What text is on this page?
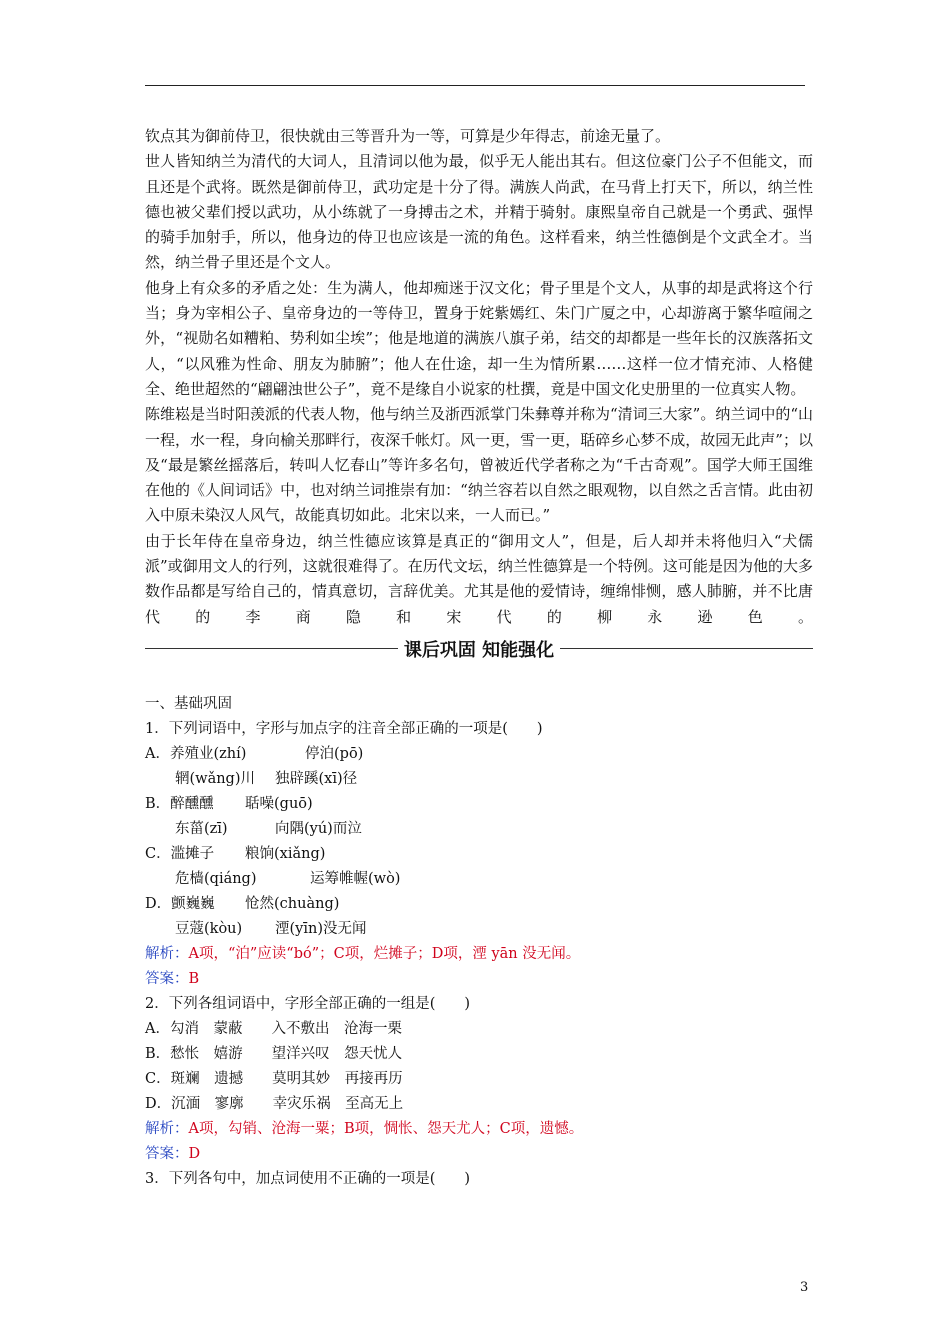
钦点其为御前侍卫，很快就由三等晋升为一等，可算是少年得志，前途无量了。

世人皆知纳兰为清代的大词人，且清词以他为最，似乎无人能出其右。但这位豪门公子不但能文，而且还是个武将。既然是御前侍卫，武功定是十分了得。满族人尚武，在马背上打天下，所以，纳兰性德也被父辈们授以武功，从小练就了一身搏击之术，并精于骑射。康熙皇帝自己就是一个勇武、强悍的骑手加射手，所以，他身边的侍卫也应该是一流的角色。这样看来，纳兰性德倒是个文武全才。当然，纳兰骨子里还是个文人。

他身上有众多的矛盾之处：生为满人，他却痴迷于汉文化；骨子里是个文人，从事的却是武将这个行当；身为宰相公子、皇帝身边的一等侍卫，置身于姹紫嫣红、朱门广厦之中，心却游离于繁华喧闹之外，“视勋名如糟粕、势利如尘埃”；他是地道的满族八旗子弟，结交的却都是一些年长的汉族落拓文人，“以风雅为性命、朋友为肺腑”；他人在仕途，却一生为情所累……这样一位才情充沛、人格健全、绝世超然的“翩翩浊世公子”，竟不是缘自小说家的杜撰，竟是中国文化史册里的一位真实人物。

陈维崧是当时阳羡派的代表人物，他与纳兰及浙西派掌门朱彝尊并称为“清词三大家”。纳兰词中的“山一程，水一程，身向榆关那畔行，夜深千帐灯。风一更，雪一更，聒碎乡心梦不成，故园无此声”；以及“最是繁丝摇落后，转叫人忆春山”等许多名句，曾被近代学者称之为“千古奇观”。国学大师王国维在他的《人间词话》中，也对纳兰词推崇有加：“纳兰容若以自然之眼观物，以自然之舌言情。此由初入中原未染汉人风气，故能真切如此。北宋以来，一人而已。”

由于长年侍在皇帝身边，纳兰性德应该算是真正的“御用文人”，但是，后人却并未将他归入“犬儒派”或御用文人的行列，这就很难得了。在历代文坛，纳兰性德算是一个特例。这可能是因为他的大多数作品都是写给自己的，情真意切，言辞优美。尤其是他的爱情诗，缠绵悱恻，感人肺腑，并不比唐代的李商隐和宋代的柳永逊色。

课后巩固 知能强化

一、基础巩固

1．下列词语中，字形与加点字的注音全部正确的一项是(　　)

A．养殖业(zhí)	停泊(pō)

辋(wǎng)川 独辟蹊(xī)径

B．醉醺醺 聒噪(guō)

东菑(zī)	向隅(yú)而泣

C．滥摊子 粮饷(xiǎng)

危樯(qiáng)	运筹帷幄(wò)

D．颤巍巍 怆然(chuàng)

豆蔻(kòu) 湮(yīn)没无闻

解析：A项，“泊”应读“bó”；C项，烂摊子；D项，湮 yān 没无闻。

答案：B

2．下列各组词语中，字形全部正确的一组是(　　)

A．勾消　蒙蔽　　入不敷出　沧海一栗

B．愁怅　嬉游　　望洋兴叹　怨天忧人

C．斑斓　遗撼　　莫明其妙　再接再历

D．沉湎　寥廓　　幸灾乐祸　至高无上

解析：A项，勾销、沧海一粟；B项，惆怅、怨天尤人；C项，遗憾。

答案：D

3．下列各句中，加点词使用不正确的一项是(　　)

3
